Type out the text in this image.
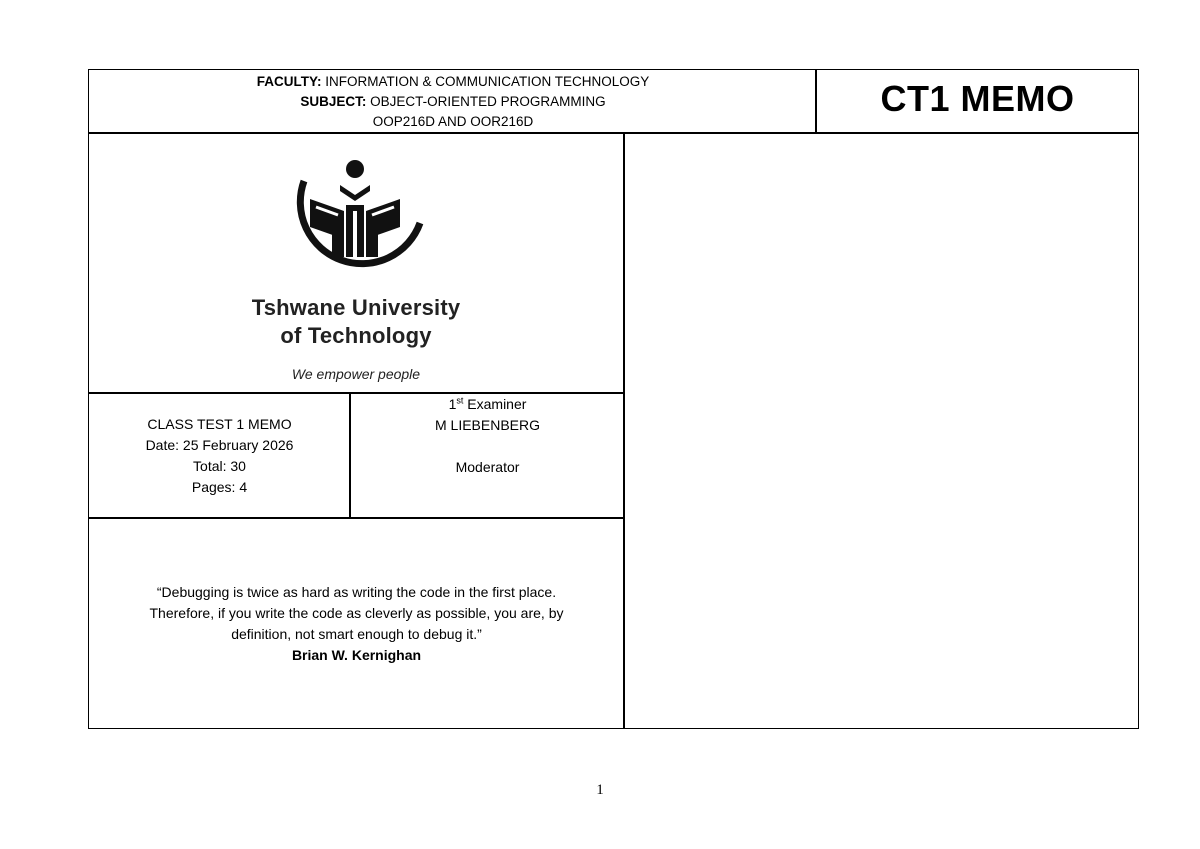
FACULTY: INFORMATION & COMMUNICATION TECHNOLOGY
SUBJECT: OBJECT-ORIENTED PROGRAMMING
OOP216D AND OOR216D
CT1 MEMO
Tshwane University
of Technology
We empower people
CLASS TEST 1 MEMO
Date: 25 February 2026
Total: 30
Pages: 4
1st Examiner
M LIEBENBERG
Moderator
“Debugging is twice as hard as writing the code in the first place.
Therefore, if you write the code as cleverly as possible, you are, by
definition, not smart enough to debug it.”
Brian W. Kernighan
1
